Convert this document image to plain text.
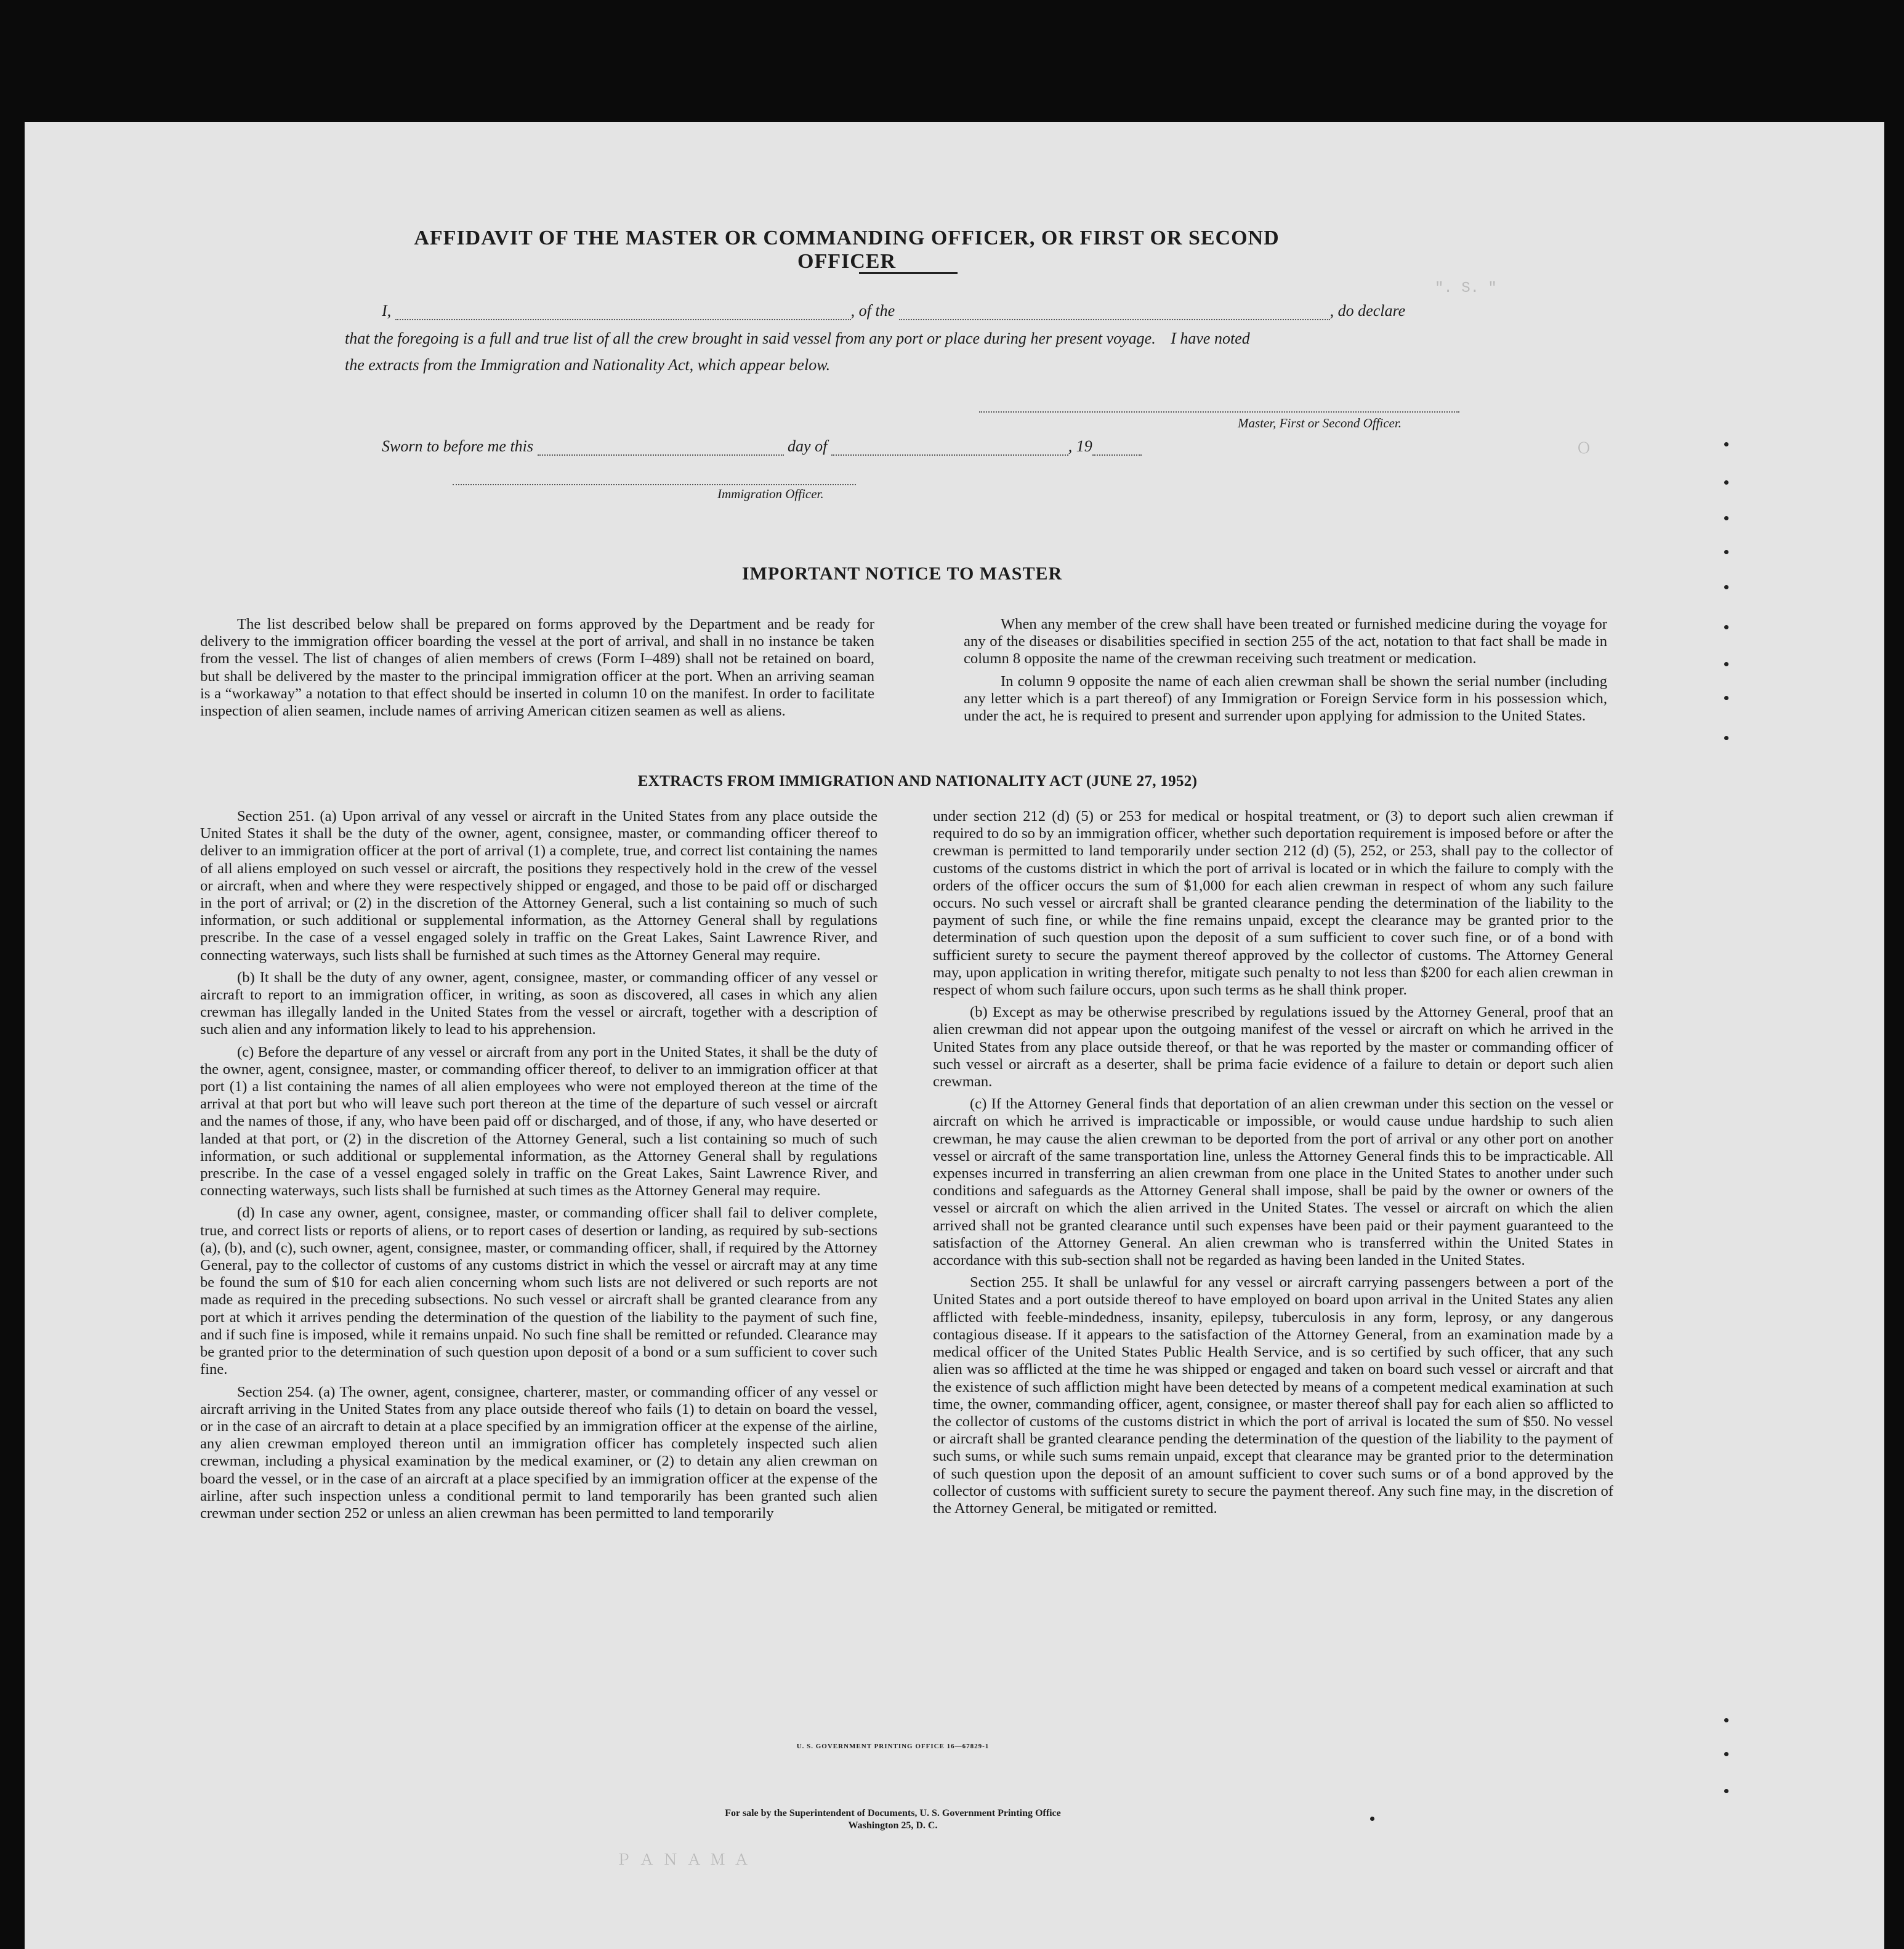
". S. "
Ｏ
Ｐ Ａ Ｎ Ａ Ｍ Ａ
AFFIDAVIT OF THE MASTER OR COMMANDING OFFICER, OR FIRST OR SECOND OFFICER
I,	, of the	, do declare
that the foregoing is a full and true list of all the crew brought in said vessel from any port or place during her present voyage. I have noted
the extracts from the Immigration and Nationality Act, which appear below.
Master, First or Second Officer.
Sworn to before me this	day of	, 19
Immigration Officer.
IMPORTANT NOTICE TO MASTER

The list described below shall be prepared on forms approved by the Department and be ready for delivery to the immigration officer boarding the vessel at the port of arrival, and shall in no instance be taken from the vessel. The list of changes of alien members of crews (Form I–489) shall not be retained on board, but shall be delivered by the master to the principal immigration officer at the port. When an arriving seaman is a “workaway” a notation to that effect should be inserted in column 10 on the manifest. In order to facilitate inspection of alien seamen, include names of arriving American citizen seamen as well as aliens.

When any member of the crew shall have been treated or furnished medicine during the voyage for any of the diseases or disabilities specified in section 255 of the act, notation to that fact shall be made in column 8 opposite the name of the crewman receiving such treatment or medication.

In column 9 opposite the name of each alien crewman shall be shown the serial number (including any letter which is a part thereof) of any Immigration or Foreign Service form in his possession which, under the act, he is required to present and surrender upon applying for admission to the United States.

EXTRACTS FROM IMMIGRATION AND NATIONALITY ACT (JUNE 27, 1952)

Section 251. (a) Upon arrival of any vessel or aircraft in the United States from any place outside the United States it shall be the duty of the owner, agent, consignee, master, or commanding officer thereof to deliver to an immigration officer at the port of arrival (1) a complete, true, and correct list containing the names of all aliens employed on such vessel or aircraft, the positions they respectively hold in the crew of the vessel or aircraft, when and where they were respectively shipped or engaged, and those to be paid off or discharged in the port of arrival; or (2) in the discretion of the Attorney General, such a list containing so much of such information, or such additional or supplemental information, as the Attorney General shall by regulations prescribe. In the case of a vessel engaged solely in traffic on the Great Lakes, Saint Lawrence River, and connecting waterways, such lists shall be furnished at such times as the Attorney General may require.

(b) It shall be the duty of any owner, agent, consignee, master, or commanding officer of any vessel or aircraft to report to an immigration officer, in writing, as soon as discovered, all cases in which any alien crewman has illegally landed in the United States from the vessel or aircraft, together with a description of such alien and any information likely to lead to his apprehension.

(c) Before the departure of any vessel or aircraft from any port in the United States, it shall be the duty of the owner, agent, consignee, master, or commanding officer thereof, to deliver to an immigration officer at that port (1) a list containing the names of all alien employees who were not employed thereon at the time of the arrival at that port but who will leave such port thereon at the time of the departure of such vessel or aircraft and the names of those, if any, who have been paid off or discharged, and of those, if any, who have deserted or landed at that port, or (2) in the discretion of the Attorney General, such a list containing so much of such information, or such additional or supplemental information, as the Attorney General shall by regulations prescribe. In the case of a vessel engaged solely in traffic on the Great Lakes, Saint Lawrence River, and connecting waterways, such lists shall be furnished at such times as the Attorney General may require.

(d) In case any owner, agent, consignee, master, or commanding officer shall fail to deliver complete, true, and correct lists or reports of aliens, or to report cases of desertion or landing, as required by sub-sections (a), (b), and (c), such owner, agent, consignee, master, or commanding officer, shall, if required by the Attorney General, pay to the collector of customs of any customs district in which the vessel or aircraft may at any time be found the sum of $10 for each alien concerning whom such lists are not delivered or such reports are not made as required in the preceding subsections. No such vessel or aircraft shall be granted clearance from any port at which it arrives pending the determination of the question of the liability to the payment of such fine, and if such fine is imposed, while it remains unpaid. No such fine shall be remitted or refunded. Clearance may be granted prior to the determination of such question upon deposit of a bond or a sum sufficient to cover such fine.

Section 254. (a) The owner, agent, consignee, charterer, master, or commanding officer of any vessel or aircraft arriving in the United States from any place outside thereof who fails (1) to detain on board the vessel, or in the case of an aircraft to detain at a place specified by an immigration officer at the expense of the airline, any alien crewman employed thereon until an immigration officer has completely inspected such alien crewman, including a physical examination by the medical examiner, or (2) to detain any alien crewman on board the vessel, or in the case of an aircraft at a place specified by an immigration officer at the expense of the airline, after such inspection unless a conditional permit to land temporarily has been granted such alien crewman under section 252 or unless an alien crewman has been permitted to land temporarily

under section 212 (d) (5) or 253 for medical or hospital treatment, or (3) to deport such alien crewman if required to do so by an immigration officer, whether such deportation requirement is imposed before or after the crewman is permitted to land temporarily under section 212 (d) (5), 252, or 253, shall pay to the collector of customs of the customs district in which the port of arrival is located or in which the failure to comply with the orders of the officer occurs the sum of $1,000 for each alien crewman in respect of whom any such failure occurs. No such vessel or aircraft shall be granted clearance pending the determination of the liability to the payment of such fine, or while the fine remains unpaid, except the clearance may be granted prior to the determination of such question upon the deposit of a sum sufficient to cover such fine, or of a bond with sufficient surety to secure the payment thereof approved by the collector of customs. The Attorney General may, upon application in writing therefor, mitigate such penalty to not less than $200 for each alien crewman in respect of whom such failure occurs, upon such terms as he shall think proper.

(b) Except as may be otherwise prescribed by regulations issued by the Attorney General, proof that an alien crewman did not appear upon the outgoing manifest of the vessel or aircraft on which he arrived in the United States from any place outside thereof, or that he was reported by the master or commanding officer of such vessel or aircraft as a deserter, shall be prima facie evidence of a failure to detain or deport such alien crewman.

(c) If the Attorney General finds that deportation of an alien crewman under this section on the vessel or aircraft on which he arrived is impracticable or impossible, or would cause undue hardship to such alien crewman, he may cause the alien crewman to be deported from the port of arrival or any other port on another vessel or aircraft of the same transportation line, unless the Attorney General finds this to be impracticable. All expenses incurred in transferring an alien crewman from one place in the United States to another under such conditions and safeguards as the Attorney General shall impose, shall be paid by the owner or owners of the vessel or aircraft on which the alien arrived in the United States. The vessel or aircraft on which the alien arrived shall not be granted clearance until such expenses have been paid or their payment guaranteed to the satisfaction of the Attorney General. An alien crewman who is transferred within the United States in accordance with this sub-section shall not be regarded as having been landed in the United States.

Section 255. It shall be unlawful for any vessel or aircraft carrying passengers between a port of the United States and a port outside thereof to have employed on board upon arrival in the United States any alien afflicted with feeble-mindedness, insanity, epilepsy, tuberculosis in any form, leprosy, or any dangerous contagious disease. If it appears to the satisfaction of the Attorney General, from an examination made by a medical officer of the United States Public Health Service, and is so certified by such officer, that any such alien was so afflicted at the time he was shipped or engaged and taken on board such vessel or aircraft and that the existence of such affliction might have been detected by means of a competent medical examination at such time, the owner, commanding officer, agent, consignee, or master thereof shall pay for each alien so afflicted to the collector of customs of the customs district in which the port of arrival is located the sum of $50. No vessel or aircraft shall be granted clearance pending the determination of the question of the liability to the payment of such sums, or while such sums remain unpaid, except that clearance may be granted prior to the determination of such question upon the deposit of an amount sufficient to cover such sums or of a bond approved by the collector of customs with sufficient surety to secure the payment thereof. Any such fine may, in the discretion of the Attorney General, be mitigated or remitted.

U. S. GOVERNMENT PRINTING OFFICE 16—67829-1
For sale by the Superintendent of Documents, U. S. Government Printing Office
Washington 25, D. C.
